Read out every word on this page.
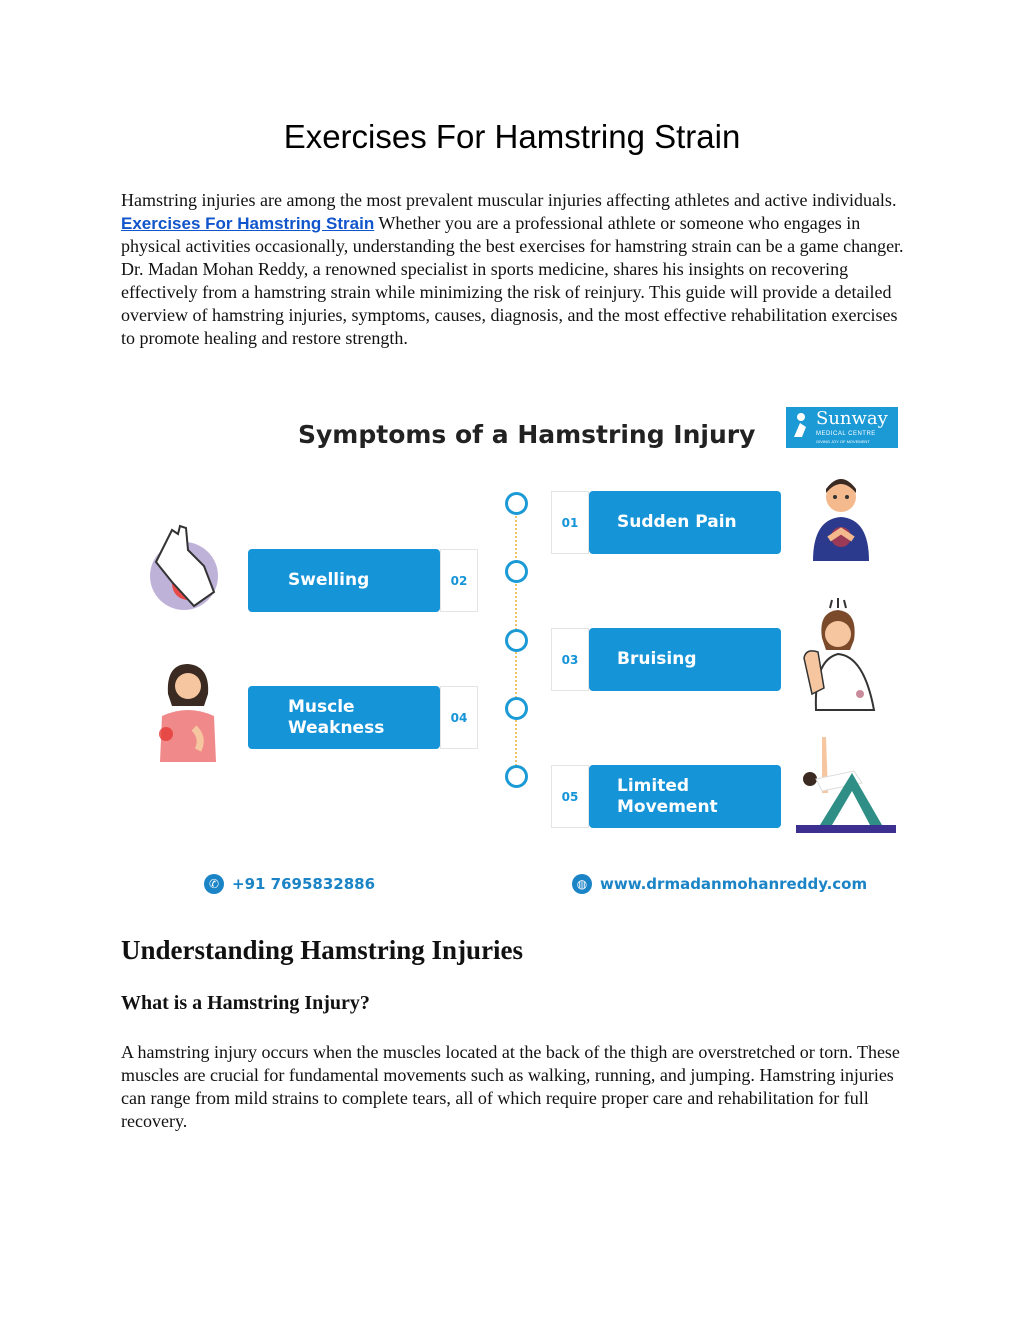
Exercises For Hamstring Strain

Hamstring injuries are among the most prevalent muscular injuries affecting athletes and active individuals. Exercises For Hamstring Strain Whether you are a professional athlete or someone who engages in physical activities occasionally, understanding the best exercises for hamstring strain can be a game changer. Dr. Madan Mohan Reddy, a renowned specialist in sports medicine, shares his insights on recovering effectively from a hamstring strain while minimizing the risk of reinjury. This guide will provide a detailed overview of hamstring injuries, symptoms, causes, diagnosis, and the most effective rehabilitation exercises to promote healing and restore strength.

Symptoms of a Hamstring Injury
Sunway
MEDICAL CENTRE
GIVING JOY OF MOVEMENT
01	Sudden Pain
Swelling	02
03	Bruising
Muscle Weakness	04
05
Limited Movement
✆ +91 7695832886	◍ www.drmadanmohanreddy.com
Understanding Hamstring Injuries
What is a Hamstring Injury?

A hamstring injury occurs when the muscles located at the back of the thigh are overstretched or torn. These muscles are crucial for fundamental movements such as walking, running, and jumping. Hamstring injuries can range from mild strains to complete tears, all of which require proper care and rehabilitation for full recovery.
